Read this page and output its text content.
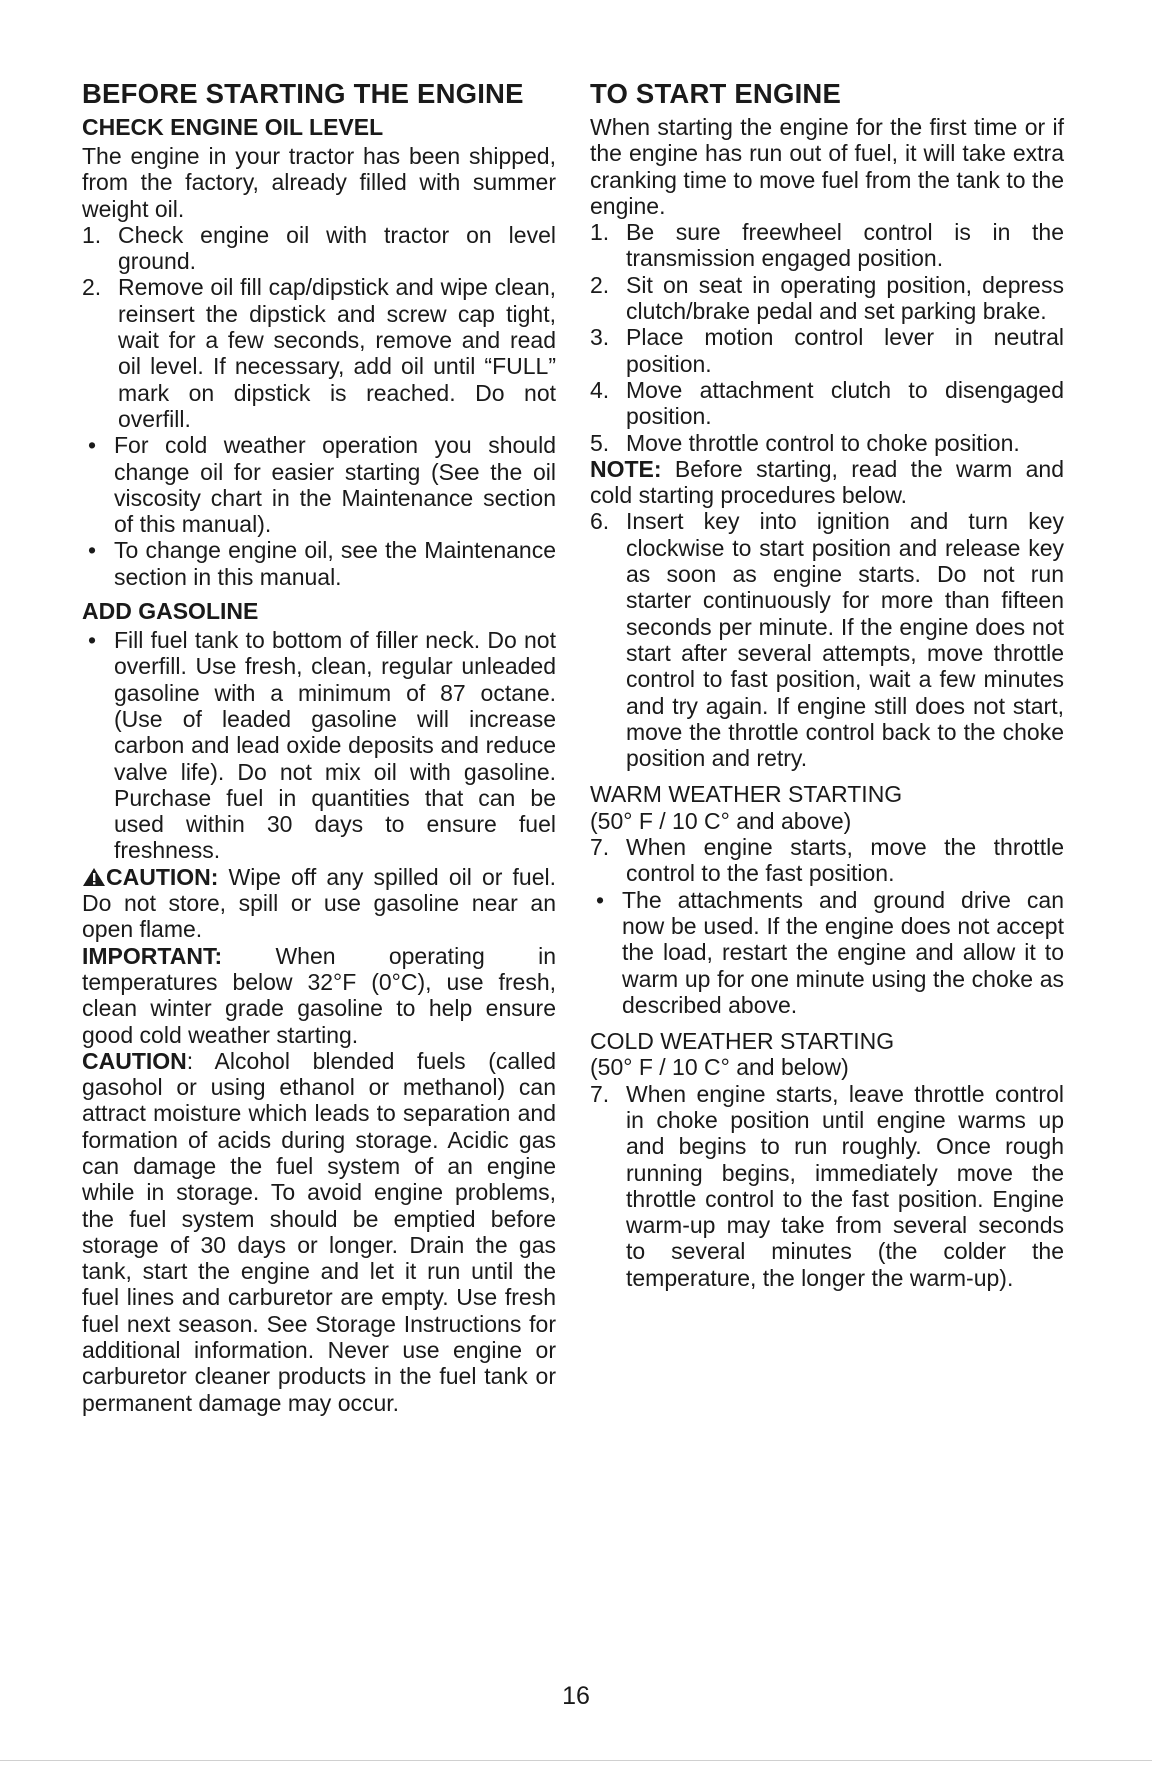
BEFORE STARTING THE ENGINE
CHECK ENGINE OIL LEVEL

The engine in your tractor has been shipped, from the factory, already filled with summer weight oil.

1. Check engine oil with tractor on level ground.
2. Remove oil fill cap/dipstick and wipe clean, reinsert the dipstick and screw cap tight, wait for a few seconds, remove and read oil level. If necessary, add oil until “FULL” mark on dipstick is reached. Do not overfill.
• For cold weather operation you should change oil for easier starting (See the oil viscosity chart in the Maintenance section of this manual).
• To change engine oil, see the Maintenance section in this manual.
ADD GASOLINE
• Fill fuel tank to bottom of filler neck. Do not overfill. Use fresh, clean, regular unleaded gasoline with a minimum of 87 octane. (Use of leaded gasoline will increase carbon and lead oxide deposits and reduce valve life). Do not mix oil with gasoline. Purchase fuel in quantities that can be used within 30 days to ensure fuel freshness.

CAUTION: Wipe off any spilled oil or fuel. Do not store, spill or use gasoline near an open flame.

IMPORTANT: When operating in temperatures below 32°F (0°C), use fresh, clean winter grade gasoline to help ensure good cold weather starting.

CAUTION: Alcohol blended fuels (called gasohol or using ethanol or methanol) can attract moisture which leads to separation and formation of acids during storage. Acidic gas can damage the fuel system of an engine while in storage. To avoid engine problems, the fuel system should be emptied before storage of 30 days or longer. Drain the gas tank, start the engine and let it run until the fuel lines and carburetor are empty. Use fresh fuel next season. See Storage Instructions for additional information. Never use engine or carburetor cleaner products in the fuel tank or permanent damage may occur.

TO START ENGINE

When starting the engine for the first time or if the engine has run out of fuel, it will take extra cranking time to move fuel from the tank to the engine.

1. Be sure freewheel control is in the transmission engaged position.
2. Sit on seat in operating position, depress clutch/brake pedal and set parking brake.
3. Place motion control lever in neutral position.
4. Move attachment clutch to disengaged position.
5. Move throttle control to choke position.

NOTE: Before starting, read the warm and cold starting procedures below.

6. Insert key into ignition and turn key clockwise to start position and release key as soon as engine starts. Do not run starter continuously for more than fifteen seconds per minute. If the engine does not start after several attempts, move throttle control to fast position, wait a few minutes and try again. If engine still does not start, move the throttle control back to the choke position and retry.

WARM WEATHER STARTING

(50° F / 10 C° and above)

7. When engine starts, move the throttle control to the fast position.
• The attachments and ground drive can now be used. If the engine does not accept the load, restart the engine and allow it to warm up for one minute using the choke as described above.

COLD WEATHER STARTING

(50° F / 10 C° and below)

7. When engine starts, leave throttle control in choke position until engine warms up and begins to run roughly. Once rough running begins, immediately move the throttle control to the fast position. Engine warm-up may take from several seconds to several minutes (the colder the temperature, the longer the warm-up).
16
